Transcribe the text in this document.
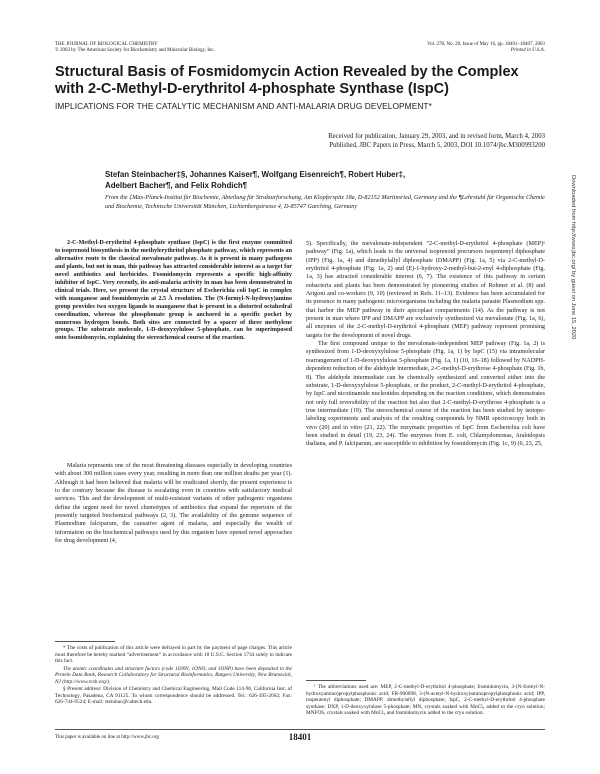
THE JOURNAL OF BIOLOGICAL CHEMISTRY
© 2003 by The American Society for Biochemistry and Molecular Biology, Inc.
Vol. 278, No. 20, Issue of May 16, pp. 18401–18407, 2003
Printed in U.S.A.
Structural Basis of Fosmidomycin Action Revealed by the Complex with 2-C-Methyl-D-erythritol 4-phosphate Synthase (IspC)
IMPLICATIONS FOR THE CATALYTIC MECHANISM AND ANTI-MALARIA DRUG DEVELOPMENT*
Received for publication, January 29, 2003, and in revised form, March 4, 2003
Published, JBC Papers in Press, March 5, 2003, DOI 10.1074/jbc.M300993200
Stefan Steinbacher‡§, Johannes Kaiser¶, Wolfgang Eisenreich¶, Robert Huber‡,
Adelbert Bacher¶, and Felix Rohdich¶
From the ‡Max-Planck-Institut für Biochemie, Abteilung für Strukturforschung, Am Klopferspitz 18a, D-82152 Martinsried, Germany and the ¶Lehrstuhl für Organische Chemie und Biochemie, Technische Universität München, Lichtenbergstrasse 4, D-85747 Garching, Germany

2-C-Methyl-D-erythritol 4-phosphate synthase (IspC) is the first enzyme committed to isoprenoid biosynthesis in the methylerythritol phosphate pathway, which represents an alternative route to the classical mevalonate pathway. As it is present in many pathogens and plants, but not in man, this pathway has attracted considerable interest as a target for novel antibiotics and herbicides. Fosmidomycin represents a specific high-affinity inhibitor of IspC. Very recently, its anti-malaria activity in man has been demonstrated in clinical trials. Here, we present the crystal structure of Escherichia coli IspC in complex with manganese and fosmidomycin at 2.5 Å resolution. The (N-formyl-N-hydroxy)amino group provides two oxygen ligands to manganese that is present in a distorted octahedral coordination, whereas the phosphonate group is anchored in a specific pocket by numerous hydrogen bonds. Both sites are connected by a spacer of three methylene groups. The substrate molecule, 1-D-deoxyxylulose 5-phosphate, can be superimposed onto fosmidomycin, explaining the stereochemical course of the reaction.

Malaria represents one of the most threatening diseases especially in developing countries with about 300 million cases every year, resulting in more than one million deaths per year (1). Although it had been believed that malaria will be eradicated shortly, the present experience is to the contrary because the disease is escalating even in countries with satisfactory medical services. This and the development of multi-resistant variants of other pathogenic organisms define the urgent need for novel chemotypes of antibiotics that expand the repertoire of the presently targeted biochemical pathways (2, 3). The availability of the genome sequence of Plasmodium falciparum, the causative agent of malaria, and especially the wealth of information on the biochemical pathways used by this organism have opened novel approaches for drug development (4,

* The costs of publication of this article were defrayed in part by the payment of page charges. This article must therefore be hereby marked “advertisement” in accordance with 18 U.S.C. Section 1734 solely to indicate this fact.

The atomic coordinates and structure factors (code 1ONN, 1ONO, and 1ONP) have been deposited in the Protein Data Bank, Research Collaboratory for Structural Bioinformatics, Rutgers University, New Brunswick, NJ (http://www.rcsb.org/).

§ Present address: Division of Chemistry and Chemical Engineering, Mail Code 114-96, California Inst. of Technology, Pasadena, CA 91125. To whom correspondence should be addressed. Tel.: 626-395-2662; Fax: 626-744-9524; E-mail: steinbac@caltech.edu.

5). Specifically, the mevalonate-independent “2-C-methyl-D-erythritol 4-phosphate (MEP)¹ pathway” (Fig. 1a), which leads to the universal isoprenoid precursors isopentenyl diphosphate (IPP) (Fig. 1a, 4) and dimethylallyl diphosphate (DMAPP) (Fig. 1a, 5) via 2-C-methyl-D-erythritol 4-phosphate (Fig. 1a, 2) and (E)-1-hydroxy-2-methyl-but-2-enyl 4-diphosphate (Fig. 1a, 3) has attracted considerable interest (6, 7). The existence of this pathway in certain eubacteria and plants has been demonstrated by pioneering studies of Rohmer et al. (8) and Arigoni and co-workers (9, 10) (reviewed in Refs. 11–13). Evidence has been accumulated for its presence in many pathogenic microorganisms including the malaria parasite Plasmodium spp. that harbor the MEP pathway in their apicoplast compartments (14). As the pathway is not present in man where IPP and DMAPP are exclusively synthesized via mevalonate (Fig. 1a, 6), all enzymes of the 2-C-methyl-D-erythritol 4-phosphate (MEP) pathway represent promising targets for the development of novel drugs.

The first compound unique to the mevalonate-independent MEP pathway (Fig. 1a, 2) is synthesized from 1-D-deoxyxylulose 5-phosphate (Fig. 1a, 1) by IspC (15) via intramolecular rearrangement of 1-D-deoxyxylulose 5-phosphate (Fig. 1a, 1) (10, 16–18) followed by NADPH-dependent reduction of the aldehyde intermediate, 2-C-methyl-D-erythrose 4-phosphate (Fig. 1b, 8). The aldehyde intermediate can be chemically synthesized and converted either into the substrate, 1-D-deoxyxylulose 5-phosphate, or the product, 2-C-methyl-D-erythritol 4-phosphate, by IspC and nicotinamide nucleotides depending on the reaction conditions, which demonstrates not only full reversibility of the reaction but also that 2-C-methyl-D-erythrose 4-phosphate is a true intermediate (19). The stereochemical course of the reaction has been studied by isotope-labeling experiments and analysis of the resulting compounds by NMR spectroscopy both in vivo (20) and in vitro (21, 22). The enzymatic properties of IspC from Escherichia coli have been studied in detail (19, 23, 24). The enzymes from E. coli, Chlamydomonas, Arabidopsis thaliana, and P. falciparum, are susceptible to inhibition by fosmidomycin (Fig. 1c, 9) (6, 23, 25,

¹ The abbreviations used are: MEP, 2-C-methyl-D-erythritol 4-phosphate; fosmidomycin, 3-(N-formyl-N-hydroxyamino)propylphosphonic acid; FR-900098, 3-(N-acetyl-N-hydroxy)aminopropylphosphonic acid; IPP, isopentenyl diphosphate; DMAPP, dimethylallyl diphosphate; IspC, 2-C-methyl-D-erythritol 4-phosphate synthase; DXP, 1-D-deoxyxylulose 5-phosphate; MN, crystals soaked with MnCl₂ added to the cryo solution; MNFOS, crystals soaked with MnCl₂ and fosmidomycin added to the cryo solution.

Downloaded from http://www.jbc.org/ by guest on June 15, 2020
This paper is available on line at http://www.jbc.org	18401
